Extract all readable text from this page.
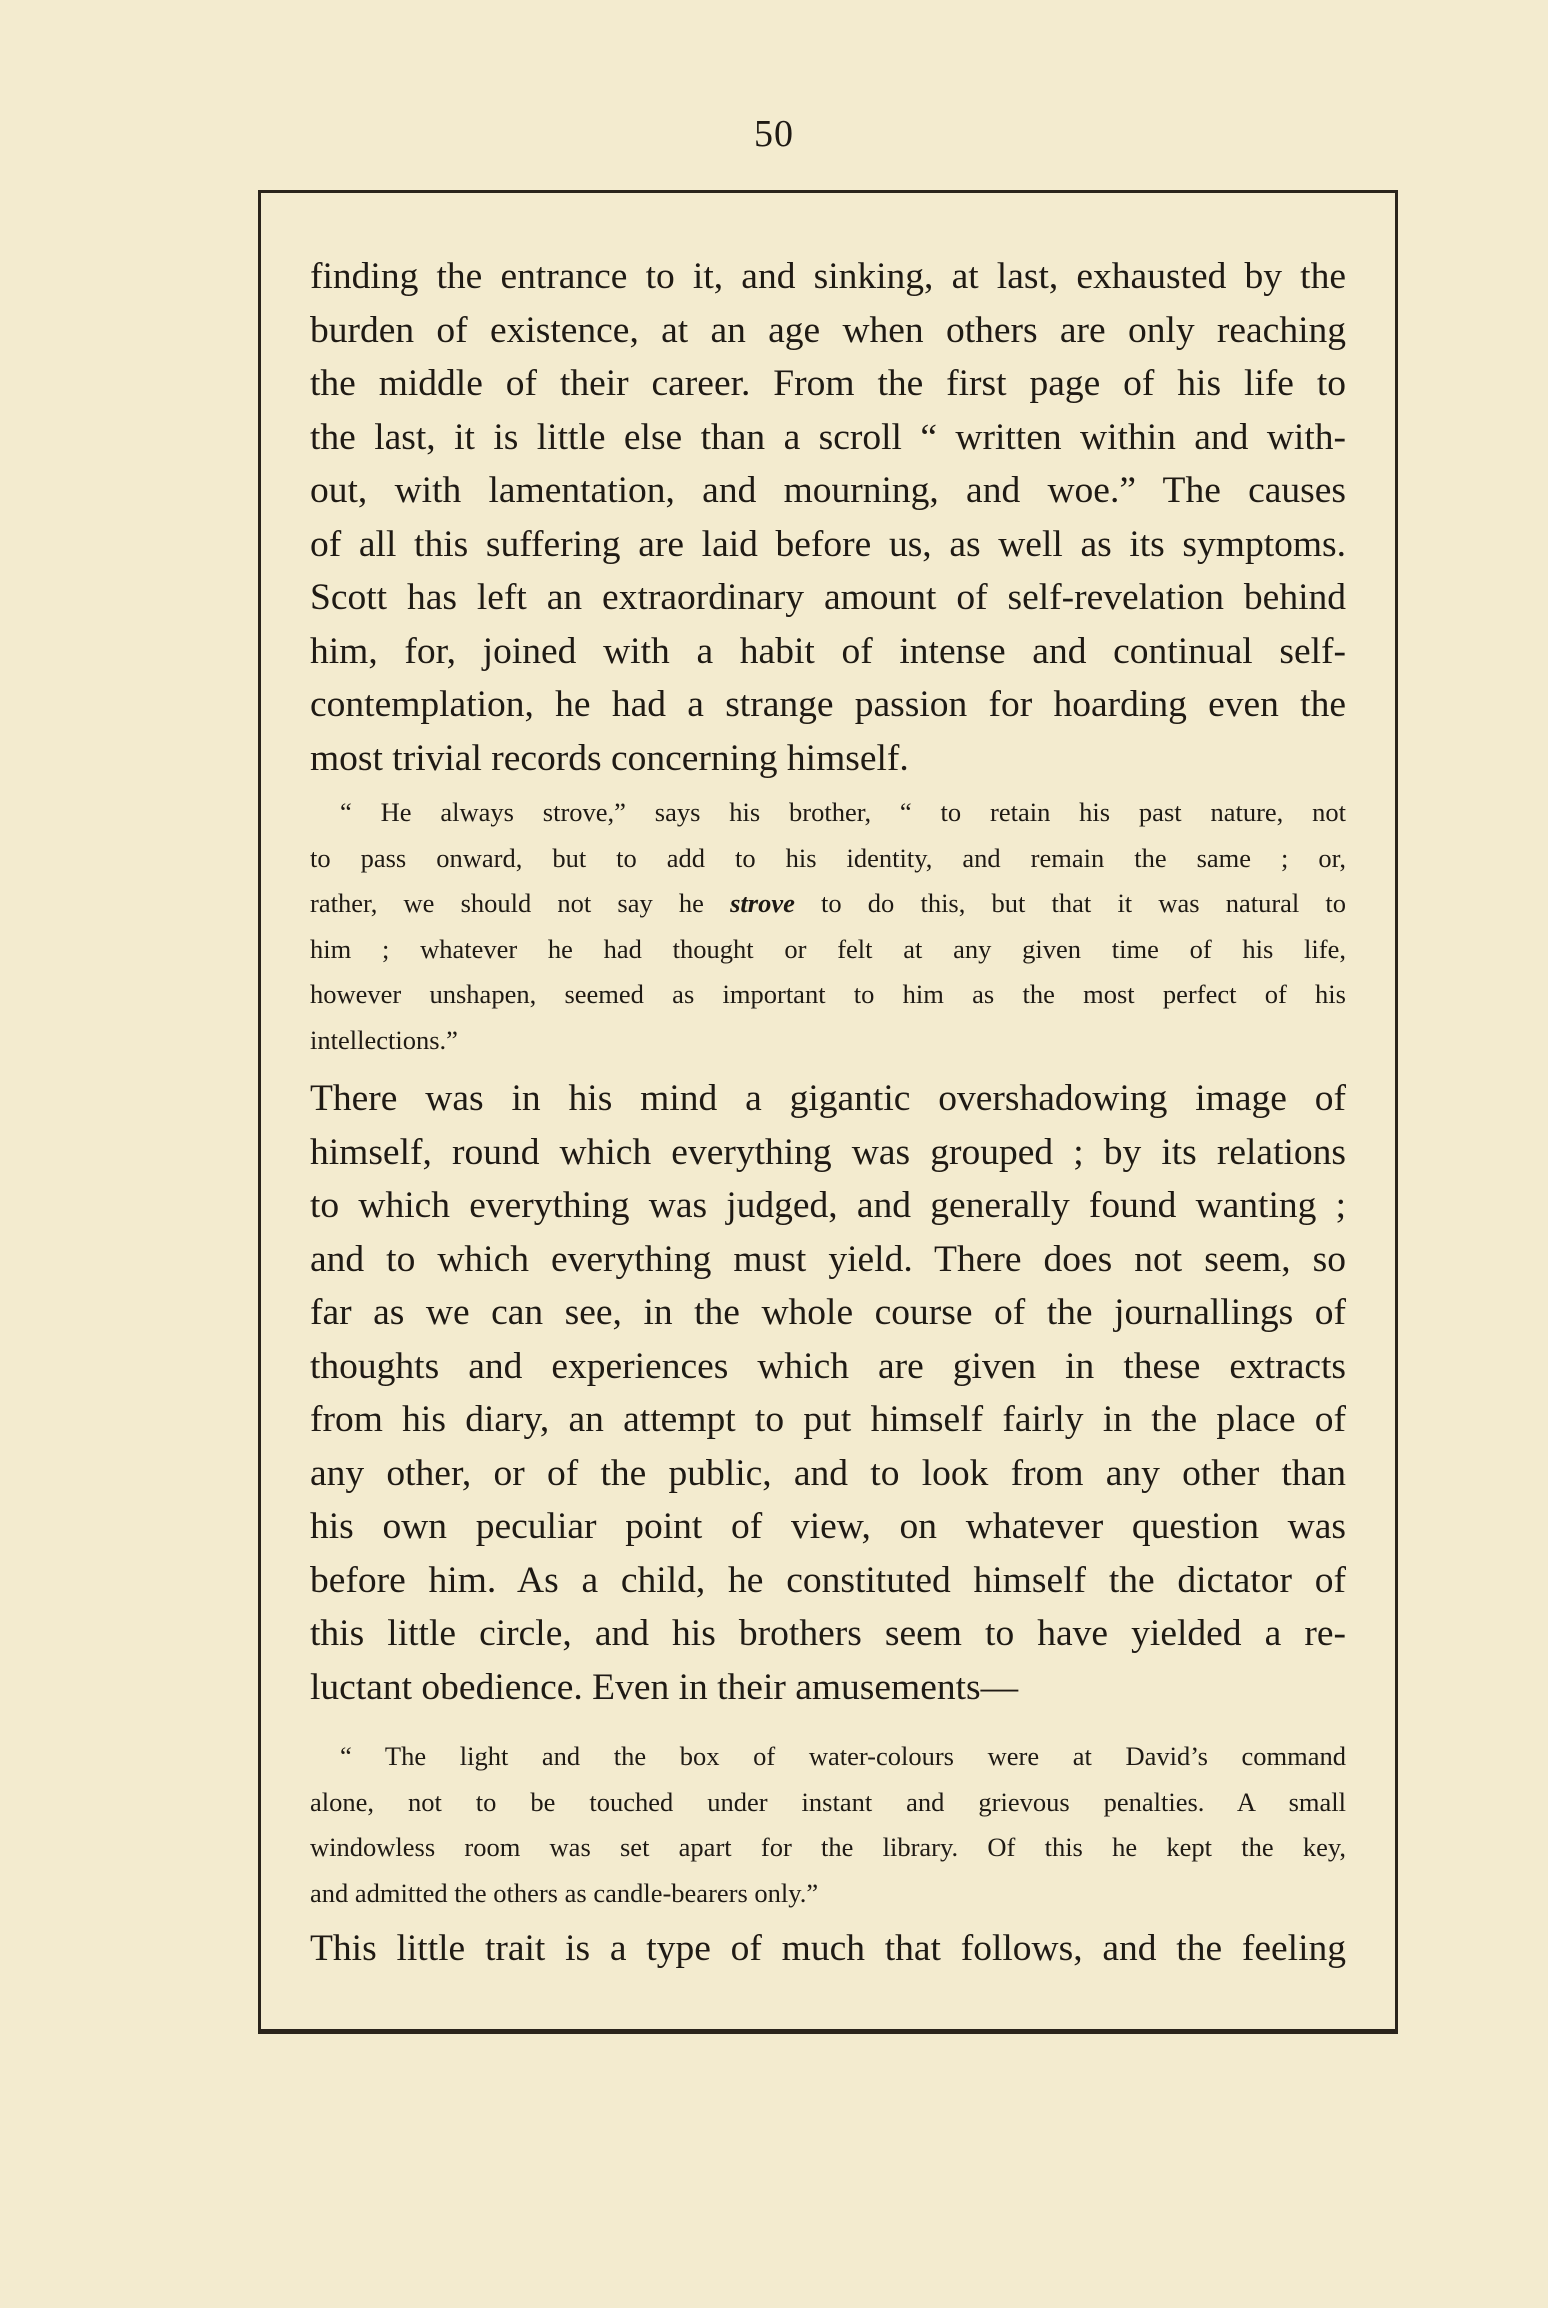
50
finding the entrance to it, and sinking, at last, exhausted by the
burden of existence, at an age when others are only reaching
the middle of their career. From the first page of his life to
the last, it is little else than a scroll “ written within and with-
out, with lamentation, and mourning, and woe.” The causes
of all this suffering are laid before us, as well as its symptoms.
Scott has left an extraordinary amount of self-revelation behind
him, for, joined with a habit of intense and continual self-
contemplation, he had a strange passion for hoarding even the
most trivial records concerning himself.
“ He always strove,” says his brother, “ to retain his past nature, not
to pass onward, but to add to his identity, and remain the same ; or,
rather, we should not say he strove to do this, but that it was natural to
him ; whatever he had thought or felt at any given time of his life,
however unshapen, seemed as important to him as the most perfect of his
intellections.”
There was in his mind a gigantic overshadowing image of
himself, round which everything was grouped ; by its relations
to which everything was judged, and generally found wanting ;
and to which everything must yield. There does not seem, so
far as we can see, in the whole course of the journallings of
thoughts and experiences which are given in these extracts
from his diary, an attempt to put himself fairly in the place of
any other, or of the public, and to look from any other than
his own peculiar point of view, on whatever question was
before him. As a child, he constituted himself the dictator of
this little circle, and his brothers seem to have yielded a re-
luctant obedience. Even in their amusements—
“ The light and the box of water-colours were at David’s command
alone, not to be touched under instant and grievous penalties. A small
windowless room was set apart for the library. Of this he kept the key,
and admitted the others as candle-bearers only.”
This little trait is a type of much that follows, and the feeling
